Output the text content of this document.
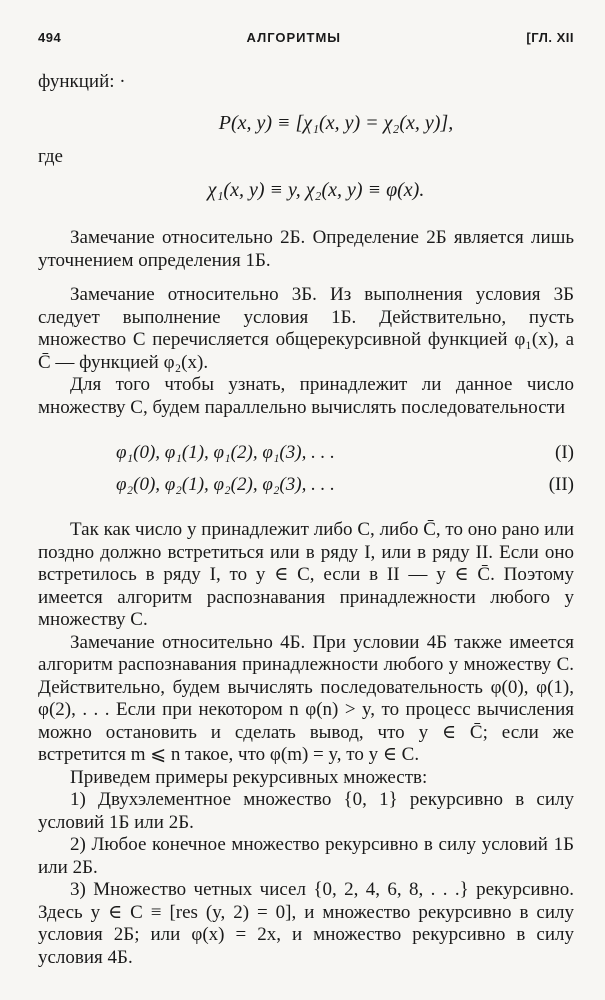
494	АЛГОРИТМЫ	[ГЛ. XII

функций: ·

P(x, y) ≡ [χ₁(x, y) = χ₂(x, y)],

где

χ₁(x, y) ≡ y, χ₂(x, y) ≡ φ(x).

Замечание относительно 2Б. Определение 2Б является лишь уточнением определения 1Б.

Замечание относительно 3Б. Из выполнения условия 3Б следует выполнение условия 1Б. Действительно, пусть множество C перечисляется общерекурсивной функцией φ₁(x), а C̄ — функцией φ₂(x).

Для того чтобы узнать, принадлежит ли данное число множеству C, будем параллельно вычислять последовательности

φ₁(0), φ₁(1), φ₁(2), φ₁(3), . . .	(I)
φ₂(0), φ₂(1), φ₂(2), φ₂(3), . . .	(II)

Так как число y принадлежит либо C, либо C̄, то оно рано или поздно должно встретиться или в ряду I, или в ряду II. Если оно встретилось в ряду I, то y ∈ C, если в II — y ∈ C̄. Поэтому имеется алгоритм распознавания принадлежности любого y множеству C.

Замечание относительно 4Б. При условии 4Б также имеется алгоритм распознавания принадлежности любого y множеству C. Действительно, будем вычислять последовательность φ(0), φ(1), φ(2), . . . Если при некотором n φ(n) > y, то процесс вычисления можно остановить и сделать вывод, что y ∈ C̄; если же встретится m ⩽ n такое, что φ(m) = y, то y ∈ C.

Приведем примеры рекурсивных множеств:

1) Двухэлементное множество {0, 1} рекурсивно в силу условий 1Б или 2Б.

2) Любое конечное множество рекурсивно в силу условий 1Б или 2Б.

3) Множество четных чисел {0, 2, 4, 6, 8, . . .} рекурсивно. Здесь y ∈ C ≡ [res (y, 2) = 0], и множество рекурсивно в силу условия 2Б; или φ(x) = 2x, и множество рекурсивно в силу условия 4Б.
